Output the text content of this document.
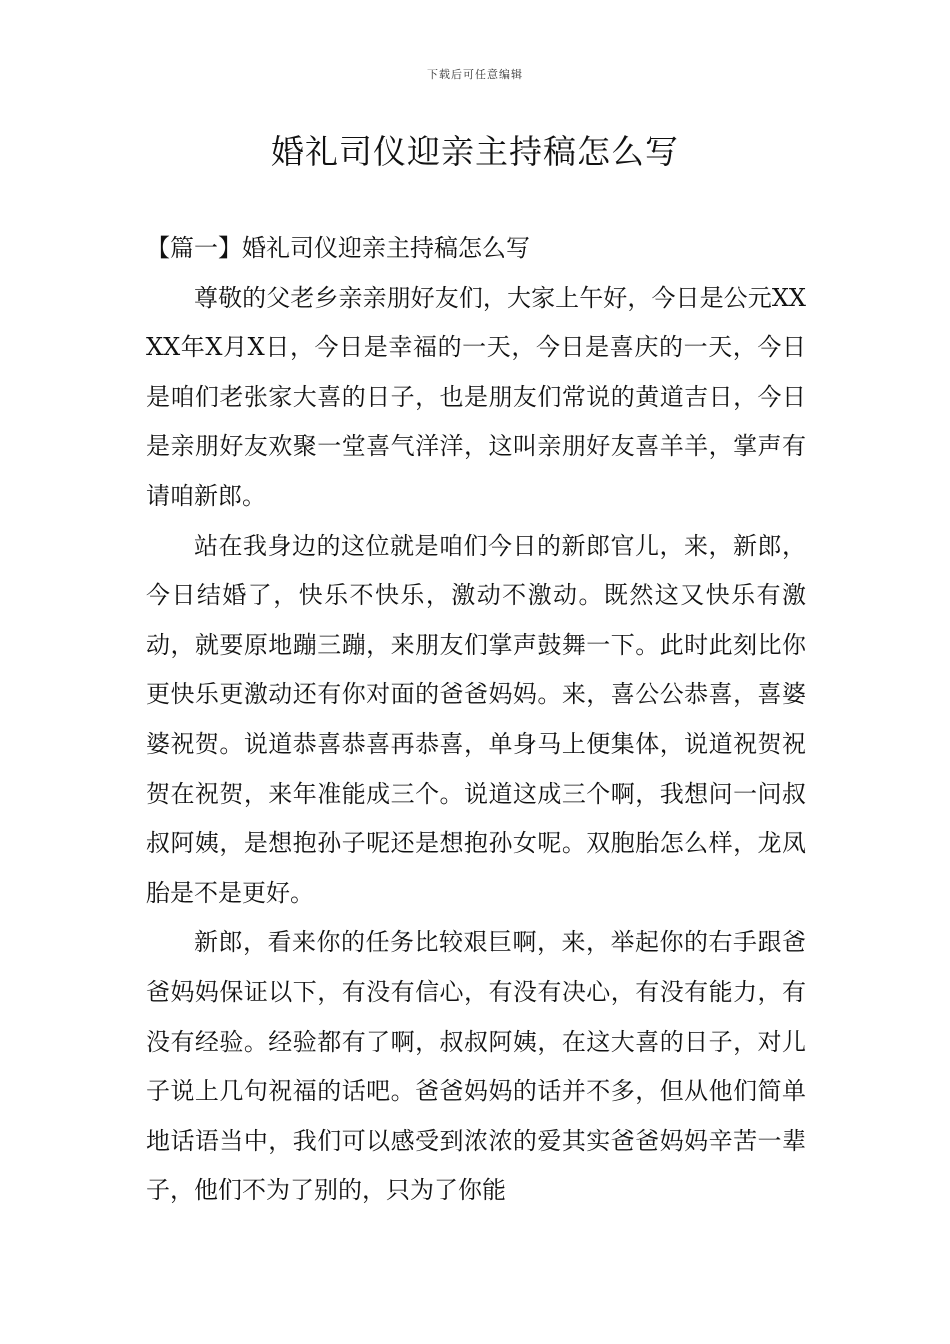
下载后可任意编辑
婚礼司仪迎亲主持稿怎么写
【篇一】婚礼司仪迎亲主持稿怎么写

尊敬的父老乡亲亲朋好友们，大家上午好，今日是公元XXXX年X月X日，今日是幸福的一天，今日是喜庆的一天，今日是咱们老张家大喜的日子，也是朋友们常说的黄道吉日，今日是亲朋好友欢聚一堂喜气洋洋，这叫亲朋好友喜羊羊，掌声有请咱新郎。

站在我身边的这位就是咱们今日的新郎官儿，来，新郎，今日结婚了，快乐不快乐，激动不激动。既然这又快乐有激动，就要原地蹦三蹦，来朋友们掌声鼓舞一下。此时此刻比你更快乐更激动还有你对面的爸爸妈妈。来，喜公公恭喜，喜婆婆祝贺。说道恭喜恭喜再恭喜，单身马上便集体，说道祝贺祝贺在祝贺，来年准能成三个。说道这成三个啊，我想问一问叔叔阿姨，是想抱孙子呢还是想抱孙女呢。双胞胎怎么样，龙凤胎是不是更好。

新郎，看来你的任务比较艰巨啊，来，举起你的右手跟爸爸妈妈保证以下，有没有信心，有没有决心，有没有能力，有没有经验。经验都有了啊，叔叔阿姨，在这大喜的日子，对儿子说上几句祝福的话吧。爸爸妈妈的话并不多，但从他们简单地话语当中，我们可以感受到浓浓的爱其实爸爸妈妈辛苦一辈子，他们不为了别的，只为了你能
